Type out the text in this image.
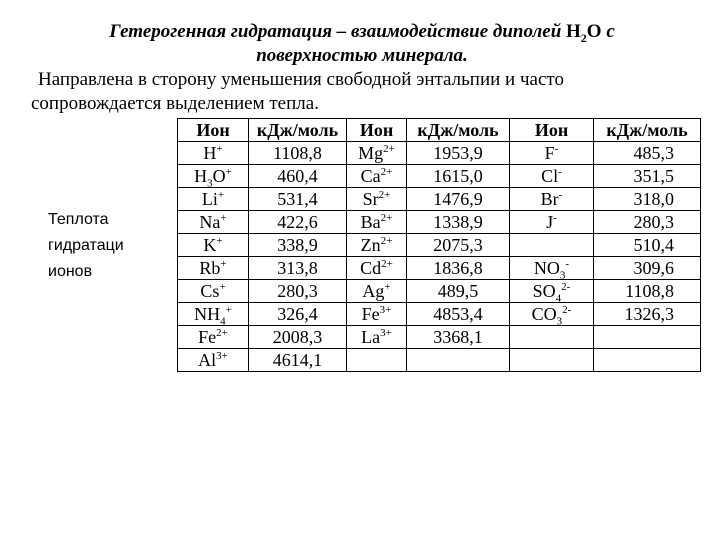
Гетерогенная гидратация – взаимодействие диполей $H_2O$ с поверхностью минерала.
Направлена в сторону уменьшения свободной энтальпии и часто
сопровождается выделением тепла.
Теплота гидратаци ионов
Ион	кДж/моль	Ион	кДж/моль	Ион	кДж/моль
H+	1108,8	$Mg^{2+}$	1953,9	F-	485,3
$H_3O^+$	460,4	$Ca^{2+}$	1615,0	Cl-	351,5
Li+	531,4	$Sr^{2+}$	1476,9	Br-	318,0
Na+	422,6	$Ba^{2+}$	1338,9	J-	280,3
K+	338,9	$Zn^{2+}$	2075,3		510,4
Rb+	313,8	$Cd^{2+}$	1836,8	$NO_3^-$	309,6
Cs+	280,3	Ag+	489,5	$SO_4^{2-}$	1108,8
$NH_4^+$	326,4	$Fe^{3+}$	4853,4	$CO_3^{2-}$	1326,3
$Fe^{2+}$	2008,3	$La^{3+}$	3368,1		
$Al^{3+}$	4614,1				
